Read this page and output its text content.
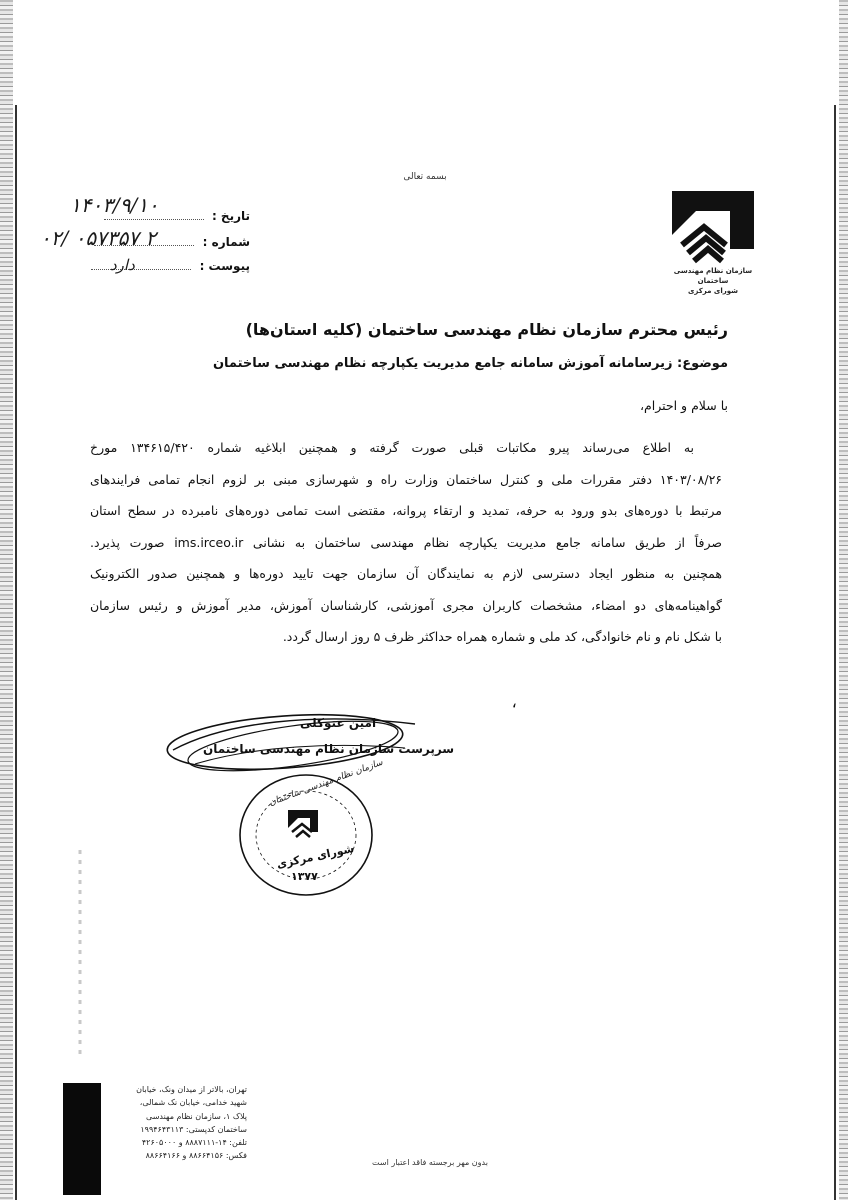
بسمه تعالی
سازمان نظام مهندسی ساختمان
شورای مرکزی
تاریخ :
شماره :
پیوست :
۱۴۰۳/۹/۱۰
۲ ۰۵۷۳۵۷ /۰۲
دارد
رئیس محترم سازمان نظام مهندسی ساختمان (کلیه استان‌ها)
موضوع: زیرسامانه آموزش سامانه جامع مدیریت یکپارچه نظام مهندسی ساختمان
با سلام و احترام،
به اطلاع می‌رساند پیرو مکاتبات قبلی صورت گرفته و همچنین ابلاغیه شماره ۱۳۴۶۱۵/۴۲۰ مورخ
۱۴۰۳/۰۸/۲۶ دفتر مقررات ملی و کنترل ساختمان وزارت راه و شهرسازی مبنی بر لزوم انجام تمامی فرایندهای
مرتبط با دوره‌های بدو ورود به حرفه، تمدید و ارتقاء پروانه، مقتضی است تمامی دوره‌های نامبرده در سطح استان
صرفاً از طریق سامانه جامع مدیریت یکپارچه نظام مهندسی ساختمان به نشانی ims.irceo.ir صورت پذیرد.
همچنین به منظور ایجاد دسترسی لازم به نمایندگان آن سازمان جهت تایید دوره‌ها و همچنین صدور الکترونیک
گواهینامه‌های دو امضاء، مشخصات کاربران مجری آموزشی، کارشناسان آموزش، مدیر آموزش و رئیس سازمان
با شکل نام و نام خانوادگی، کد ملی و شماره همراه حداکثر ظرف ۵ روز ارسال گردد.
‘
امین عتوکلی
سرپرست سازمان نظام مهندسی ساختمان
سازمان نظام مهندسی ساختمان
شورای مرکزی
۱۳۷۷
تهران، بالاتر از میدان ونک، خیابان
شهید خدامی، خیابان نک شمالی،
پلاک ۱، سازمان نظام مهندسی
ساختمان کدپستی: ۱۹۹۴۶۴۳۱۱۳
تلفن: ۱۴-۸۸۸۷۱۱۱ و ۴۲۶۰۵۰۰۰
فکس: ۸۸۶۶۴۱۵۶ و ۸۸۶۶۴۱۶۶
بدون مهر برجسته فاقد اعتبار است
